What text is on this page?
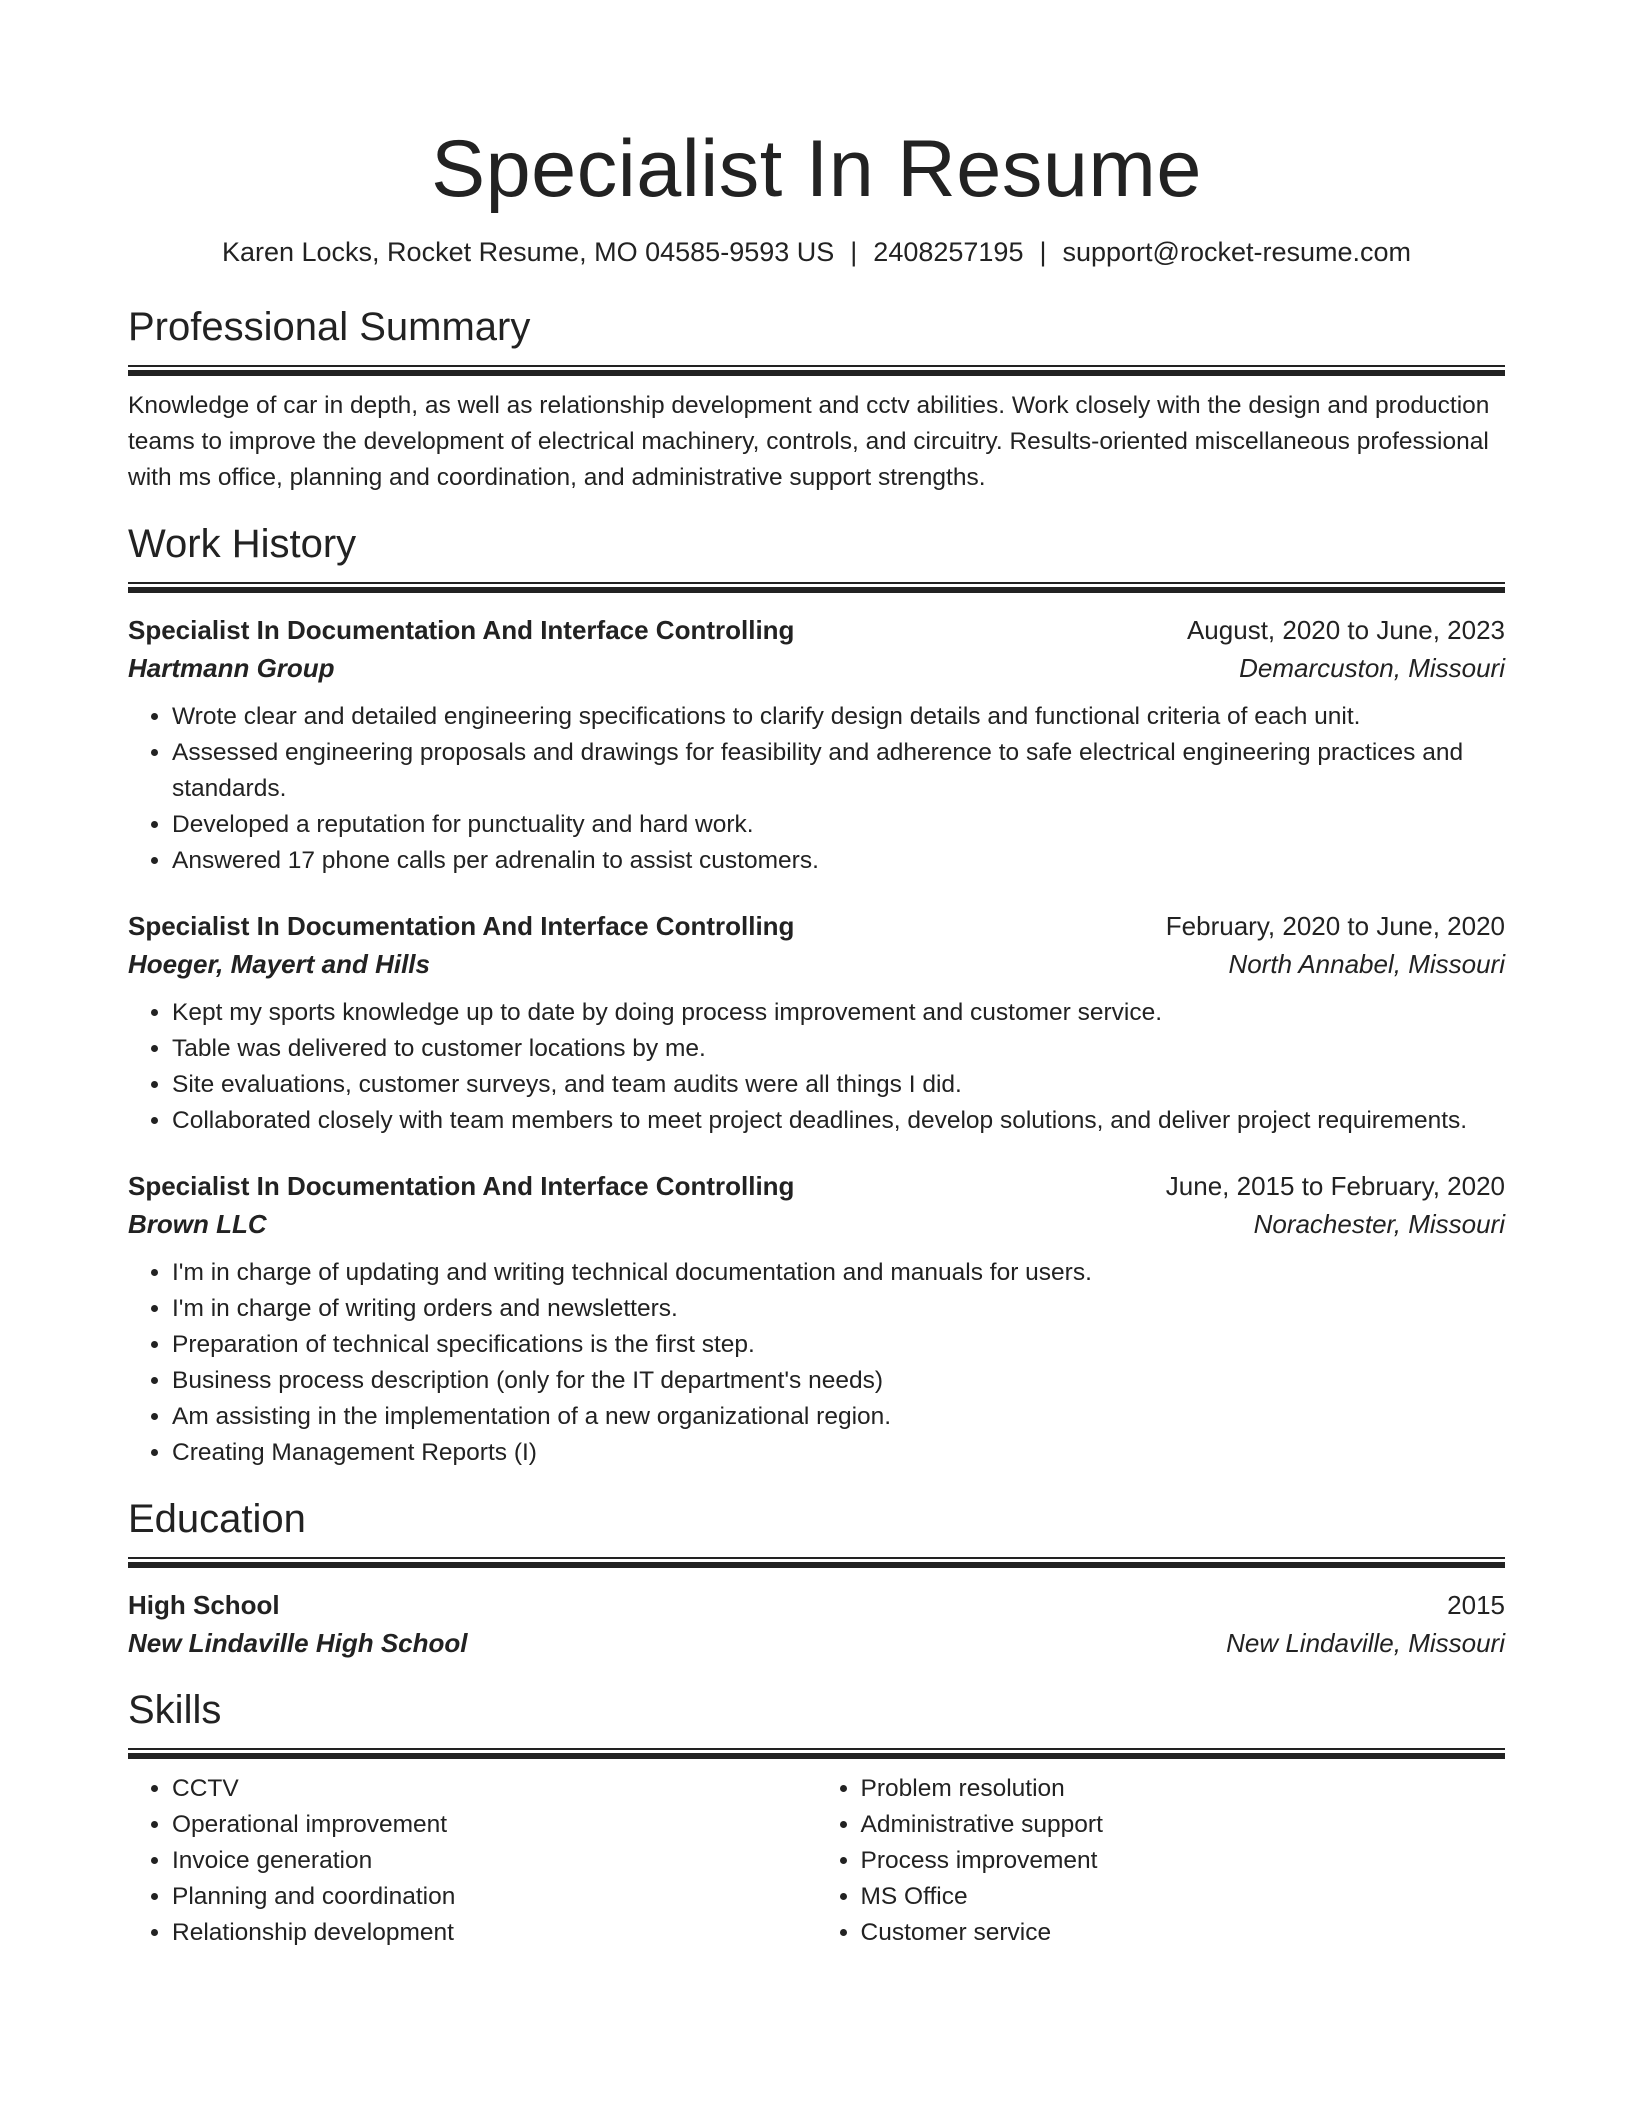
Specialist In Resume
Karen Locks, Rocket Resume, MO 04585-9593 US | 2408257195 | support@rocket-resume.com
Professional Summary

Knowledge of car in depth, as well as relationship development and cctv abilities. Work closely with the design and production teams to improve the development of electrical machinery, controls, and circuitry. Results-oriented miscellaneous professional with ms office, planning and coordination, and administrative support strengths.

Work History
Specialist In Documentation And Interface Controlling	August, 2020 to June, 2023
Hartmann Group	Demarcuston, Missouri
• Wrote clear and detailed engineering specifications to clarify design details and functional criteria of each unit.
• Assessed engineering proposals and drawings for feasibility and adherence to safe electrical engineering practices and standards.
• Developed a reputation for punctuality and hard work.
• Answered 17 phone calls per adrenalin to assist customers.
Specialist In Documentation And Interface Controlling	February, 2020 to June, 2020
Hoeger, Mayert and Hills	North Annabel, Missouri
• Kept my sports knowledge up to date by doing process improvement and customer service.
• Table was delivered to customer locations by me.
• Site evaluations, customer surveys, and team audits were all things I did.
• Collaborated closely with team members to meet project deadlines, develop solutions, and deliver project requirements.
Specialist In Documentation And Interface Controlling	June, 2015 to February, 2020
Brown LLC	Norachester, Missouri
• I'm in charge of updating and writing technical documentation and manuals for users.
• I'm in charge of writing orders and newsletters.
• Preparation of technical specifications is the first step.
• Business process description (only for the IT department's needs)
• Am assisting in the implementation of a new organizational region.
• Creating Management Reports (I)
Education
High School	2015
New Lindaville High School	New Lindaville, Missouri
Skills
• CCTV
• Operational improvement
• Invoice generation
• Planning and coordination
• Relationship development
• Problem resolution
• Administrative support
• Process improvement
• MS Office
• Customer service
